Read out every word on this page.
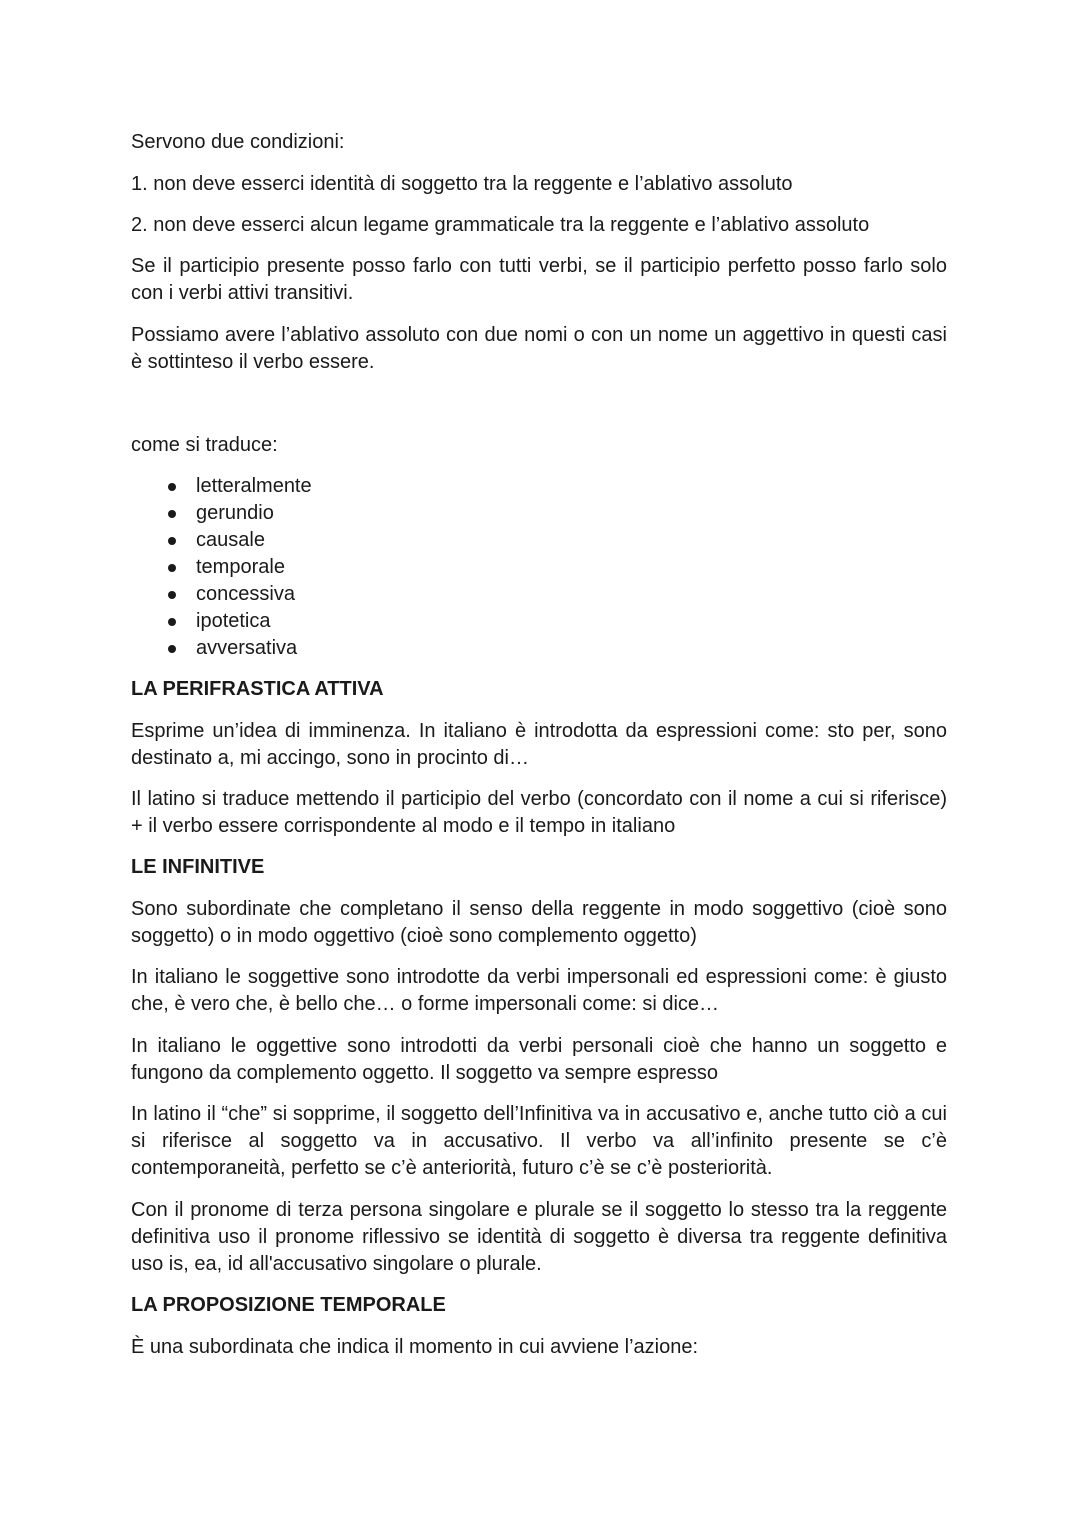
Servono due condizioni:

1. non deve esserci identità di soggetto tra la reggente e l’ablativo assoluto

2. non deve esserci alcun legame grammaticale tra la reggente e l’ablativo assoluto

Se il participio presente posso farlo con tutti verbi, se il participio perfetto posso farlo solo con i verbi attivi transitivi.

Possiamo avere l’ablativo assoluto con due nomi o con un nome un aggettivo in questi casi è sottinteso il verbo essere.

come si traduce:

letteralmente
gerundio
causale
temporale
concessiva
ipotetica
avversativa

LA PERIFRASTICA ATTIVA

Esprime un’idea di imminenza. In italiano è introdotta da espressioni come: sto per, sono destinato a, mi accingo, sono in procinto di…

Il latino si traduce mettendo il participio del verbo (concordato con il nome a cui si riferisce) + il verbo essere corrispondente al modo e il tempo in italiano

LE INFINITIVE

Sono subordinate che completano il senso della reggente in modo soggettivo (cioè sono soggetto) o in modo oggettivo (cioè sono complemento oggetto)

In italiano le soggettive sono introdotte da verbi impersonali ed espressioni come: è giusto che, è vero che, è bello che… o forme impersonali come: si dice…

In italiano le oggettive sono introdotti da verbi personali cioè che hanno un soggetto e fungono da complemento oggetto. Il soggetto va sempre espresso

In latino il “che” si sopprime, il soggetto dell’Infinitiva va in accusativo e, anche tutto ciò a cui si riferisce al soggetto va in accusativo. Il verbo va all’infinito presente se c’è contemporaneità, perfetto se c’è anteriorità, futuro c’è se c’è posteriorità.

Con il pronome di terza persona singolare e plurale se il soggetto lo stesso tra la reggente definitiva uso il pronome riflessivo se identità di soggetto è diversa tra reggente definitiva uso is, ea, id all'accusativo singolare o plurale.

LA PROPOSIZIONE TEMPORALE

È una subordinata che indica il momento in cui avviene l’azione:
